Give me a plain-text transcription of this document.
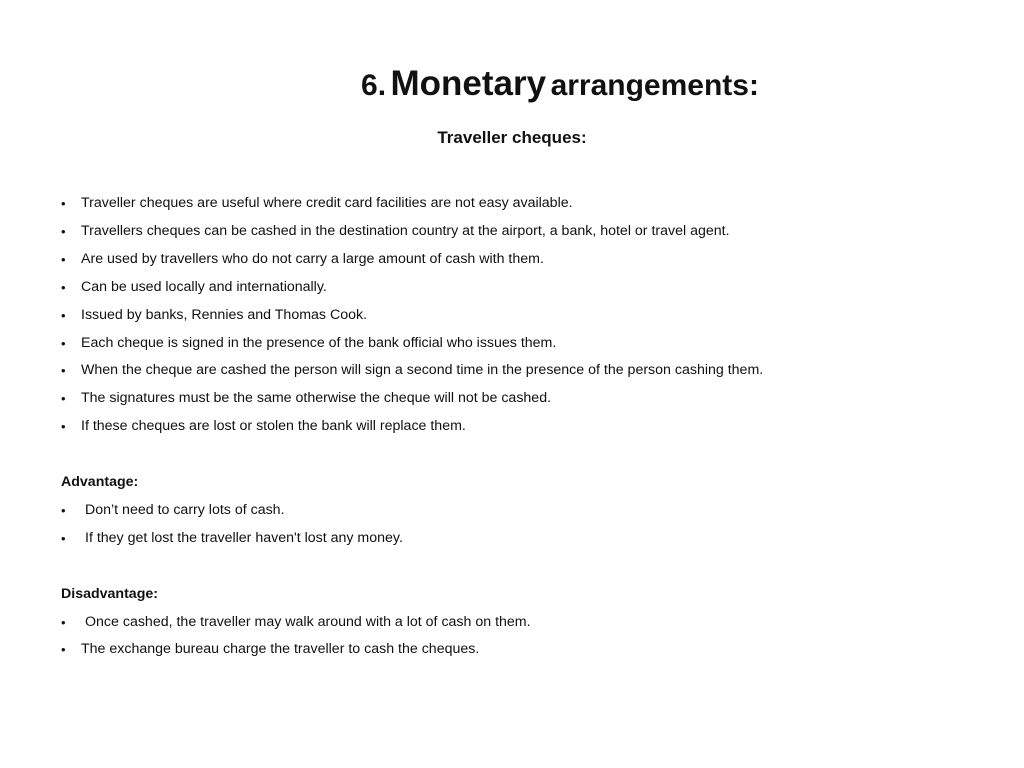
6. Monetary arrangements:
Traveller cheques:
• Traveller cheques are useful where credit card facilities are not easy available.
• Travellers cheques can be cashed in the destination country at the airport, a bank, hotel or travel agent.
• Are used by travellers who do not carry a large amount of cash with them.
• Can be used locally and internationally.
• Issued by banks, Rennies and Thomas Cook.
• Each cheque is signed in the presence of the bank official who issues them.
• When the cheque are cashed the person will sign a second time in the presence of the person cashing them.
• The signatures must be the same otherwise the cheque will not be cashed.
• If these cheques are lost or stolen the bank will replace them.
Advantage:
• Don’t need to carry lots of cash.
• If they get lost the traveller haven't lost any money.
Disadvantage:
• Once cashed, the traveller may walk around with a lot of cash on them.
• The exchange bureau charge the traveller to cash the cheques.
